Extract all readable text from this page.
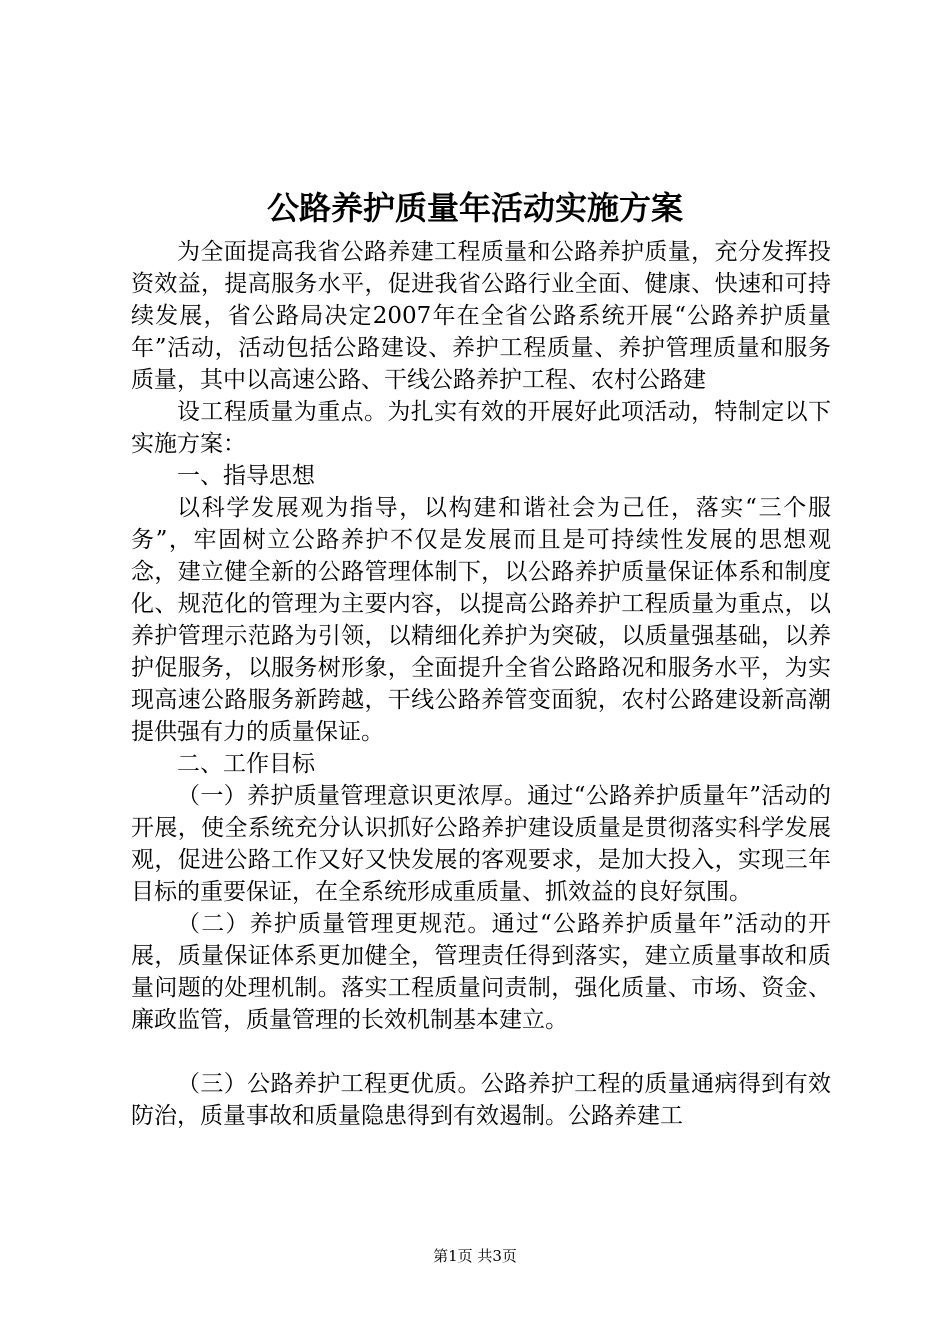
公路养护质量年活动实施方案

为全面提高我省公路养建工程质量和公路养护质量，充分发挥投资效益，提高服务水平，促进我省公路行业全面、健康、快速和可持续发展，省公路局决定2007年在全省公路系统开展“公路养护质量年”活动，活动包括公路建设、养护工程质量、养护管理质量和服务质量，其中以高速公路、干线公路养护工程、农村公路建

设工程质量为重点。为扎实有效的开展好此项活动，特制定以下实施方案：

一、指导思想

以科学发展观为指导，以构建和谐社会为己任，落实“三个服务”，牢固树立公路养护不仅是发展而且是可持续性发展的思想观念，建立健全新的公路管理体制下，以公路养护质量保证体系和制度化、规范化的管理为主要内容，以提高公路养护工程质量为重点，以养护管理示范路为引领，以精细化养护为突破，以质量强基础，以养护促服务，以服务树形象，全面提升全省公路路况和服务水平，为实现高速公路服务新跨越，干线公路养管变面貌，农村公路建设新高潮提供强有力的质量保证。

二、工作目标

（一）养护质量管理意识更浓厚。通过“公路养护质量年”活动的开展，使全系统充分认识抓好公路养护建设质量是贯彻落实科学发展观，促进公路工作又好又快发展的客观要求，是加大投入，实现三年目标的重要保证，在全系统形成重质量、抓效益的良好氛围。

（二）养护质量管理更规范。通过“公路养护质量年”活动的开展，质量保证体系更加健全，管理责任得到落实，建立质量事故和质量问题的处理机制。落实工程质量问责制，强化质量、市场、资金、廉政监管，质量管理的长效机制基本建立。

（三）公路养护工程更优质。公路养护工程的质量通病得到有效防治，质量事故和质量隐患得到有效遏制。公路养建工

第1页 共3页
